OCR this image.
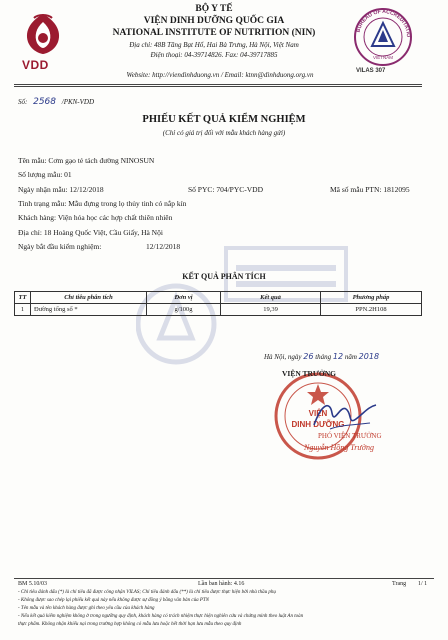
VDD
BỘ Y TẾ
VIỆN DINH DƯỠNG QUỐC GIA
NATIONAL INSTITUTE OF NUTRITION (NIN)
Địa chỉ: 48B Tăng Bạt Hổ, Hai Bà Trưng, Hà Nội, Việt Nam
Điện thoại: 04-39714826. Fax: 04-39717885
Website: http://viendinhduong.vn / Email: ktnn@dinhduong.org.vn
BUREAU OF ACCREDITATIO
VIETNAM
VILAS 307
Số: 2568 /PKN-VDD
PHIẾU KẾT QUẢ KIỂM NGHIỆM
(Chỉ có giá trị đối với mẫu khách hàng gửi)
Tên mẫu: Cơm gạo tẻ tách đường NINOSUN
Số lượng mẫu: 01
Ngày nhận mẫu: 12/12/2018	Số PYC: 704/PYC-VDD	Mã số mẫu PTN: 1812095
Tình trạng mẫu: Mẫu đựng trong lọ thủy tinh có nắp kín
Khách hàng: Viện hóa học các hợp chất thiên nhiên
Địa chỉ: 18 Hoàng Quốc Việt, Cầu Giấy, Hà Nội
Ngày bắt đầu kiểm nghiệm:	12/12/2018
KẾT QUẢ PHÂN TÍCH
TT	Chỉ tiêu phân tích	Đơn vị	Kết quả	Phương pháp
1	Đường tổng số *	g/100g	19,39	PPN.2H108
Hà Nội, ngày 26 tháng 12 năm 2018
VIỆN
DINH DƯỠNG
VIỆN TRƯỞNG
PHÓ VIỆN TRƯỞNG
Nguyễn Hồng Trường
BM 5.10/03	Lần ban hành: 4.16	Trang 1/ 1
- Chỉ tiêu đánh dấu (*) là chỉ tiêu đã được công nhận VILAS; Chỉ tiêu đánh dấu (**) là chỉ tiêu được thực hiện bởi nhà thầu phụ
- Không được sao chép lại phiếu kết quả này nếu không được sự đồng ý bằng văn bản của PTN
- Tên mẫu và tên khách hàng được ghi theo yêu cầu của khách hàng
- Nếu kết quả kiểm nghiệm không ở trong ngưỡng quy định, khách hàng có trách nhiệm thực hiện nghiên cứu và chứng minh theo luật An toàn
thực phẩm. Không nhận khiếu nại trong trường hợp không có mẫu lưu hoặc hết thời hạn lưu mẫu theo quy định
